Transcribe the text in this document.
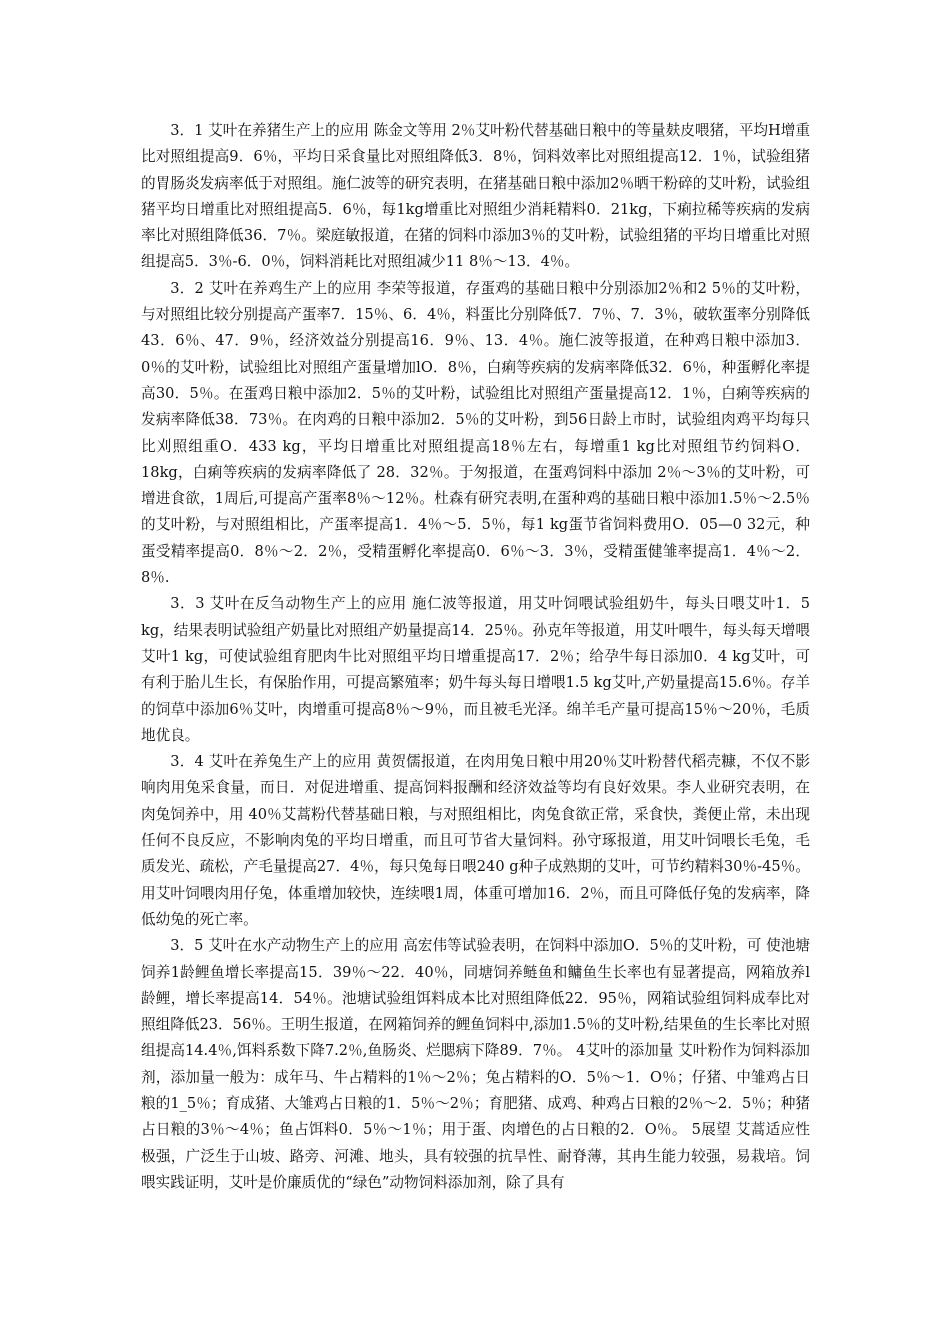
3．1 艾叶在养猪生产上的应用 陈金文等用 2％艾叶粉代替基础日粮中的等量麸皮喂猪，平均H增重比对照组提高9．6％，平均日采食量比对照组降低3．8％，饲料效率比对照组提高12．1％，试验组猪的胃肠炎发病率低于对照组。施仁波等的研究表明，在猪基础日粮中添加2％晒干粉碎的艾叶粉，试验组猪平均日增重比对照组提高5．6％，每1kg增重比对照组少消耗精料0．21kg，下痢拉稀等疾病的发病率比对照组降低36．7％。梁庭敏报道，在猪的饲料巾添加3％的艾叶粉，试验组猪的平均日增重比对照组提高5．3％-6．0％，饲料消耗比对照组减少11 8％～13．4％。

3．2 艾叶在养鸡生产上的应用 李荣等报道，存蛋鸡的基础日粮中分别添加2％和2 5％的艾叶粉，与对照组比较分别提高产蛋率7．15％、6．4％，料蛋比分别降低7．7％、7．3％，破软蛋率分别降低43．6％、47．9％，经济效益分别提高16．9％、13．4％。施仁波等报道，在种鸡日粮中添加3．0％的艾叶粉，试验组比对照组产蛋量增加lO．8％，白痢等疾病的发病率降低32．6％，种蛋孵化率提高30．5％。在蛋鸡日粮中添加2．5％的艾叶粉，试验组比对照组产蛋量提高12．1％，白痢等疾病的发病率降低38．73％。在肉鸡的日粮中添加2．5％的艾叶粉，到56日龄上市时，试验组肉鸡平均每只比刈照组重O．433 kg，平均日增重比对照组提高18％左右，每增重1 kg比对照组节约饲料O．18kg，白痢等疾病的发病率降低了 28．32％。于匆报道，在蛋鸡饲料中添加 2％～3％的艾叶粉，可增进食欲，1周后,可提高产蛋率8％～12％。杜森有研究表明,在蛋种鸡的基础日粮中添加1.5％～2.5％的艾叶粉，与对照组相比，产蛋率提高1．4％～5．5％，每1 kg蛋节省饲料费用O．05—0 32元，种蛋受精率提高0．8％～2．2％，受精蛋孵化率提高0．6％～3．3％，受精蛋健雏率提高1．4％～2．8％.

3．3 艾叶在反刍动物生产上的应用 施仁波等报道，用艾叶饲喂试验组奶牛，每头日喂艾叶1．5 kg，结果表明试验组产奶量比对照组产奶量提高14．25％。孙克年等报道，用艾叶喂牛，每头每天增喂艾叶1 kg，可使试验组育肥肉牛比对照组平均日增重提高17．2％；给孕牛每日添加0．4 kg艾叶，可有利于胎儿生长，有保胎作用，可提高繁殖率；奶牛每头每日增喂1.5 kg艾叶,产奶量提高15.6％。存羊的饲草中添加6％艾叶，肉增重可提高8％～9％，而且被毛光泽。绵羊毛产量可提高15％～20％，毛质地优良。

3．4 艾叶在养兔生产上的应用 黄贺儒报道，在肉用兔日粮中用20％艾叶粉替代稻壳糠，不仅不影响肉用兔采食量，而日．对促进增重、提高饲料报酬和经济效益等均有良好效果。李人业研究表明，在肉兔饲养中，用 40％艾蒿粉代替基础日粮，与对照组相比，肉兔食欲正常，采食快，粪便止常，未出现任何不良反应，不影响肉兔的平均日增重，而且可节省大量饲料。孙守琢报道，用艾叶饲喂长毛兔，毛质发光、疏松，产毛量提高27．4％，每只兔每日喂240 g种子成熟期的艾叶，可节约精料30％-45％。用艾叶饲喂肉用仔兔，体重增加较快，连续喂1周，体重可增加16．2％，而且可降低仔兔的发病率，降低幼兔的死亡率。

3．5 艾叶在水产动物生产上的应用 高宏伟等试验表明，在饲料中添加O．5％的艾叶粉，可 使池塘饲养1龄鲤鱼增长率提高15．39％～22．40％，同塘饲养鲢鱼和鳙鱼生长率也有显著提高，网箱放养l龄鲤，增长率提高14．54％。池塘试验组饵料成本比对照组降低22．95％，网箱试验组饲料成奉比对照组降低23．56％。王明生报道，在网箱饲养的鲤鱼饲料中,添加1.5％的艾叶粉,结果鱼的生长率比对照组提高14.4％,饵料系数下降7.2％,鱼肠炎、烂腮病下降89．7％。 4艾叶的添加量 艾叶粉作为饲料添加剂，添加量一般为：成年马、牛占精料的1％～2％；兔占精料的O．5％～1．O％；仔猪、中雏鸡占日粮的1_5％；育成猪、大雏鸡占日粮的1．5％～2％；育肥猪、成鸡、种鸡占日粮的2％～2．5％；种猪占日粮的3％～4％；鱼占饵料0．5％～1％；用于蛋、肉增色的占日粮的2．O％。 5展望 艾蒿适应性极强，广泛生于山坡、路旁、河滩、地头，具有较强的抗旱性、耐脊薄，其冉生能力较强，易栽培。饲喂实践证明，艾叶是价廉质优的“绿色”动物饲料添加剂，除了具有
